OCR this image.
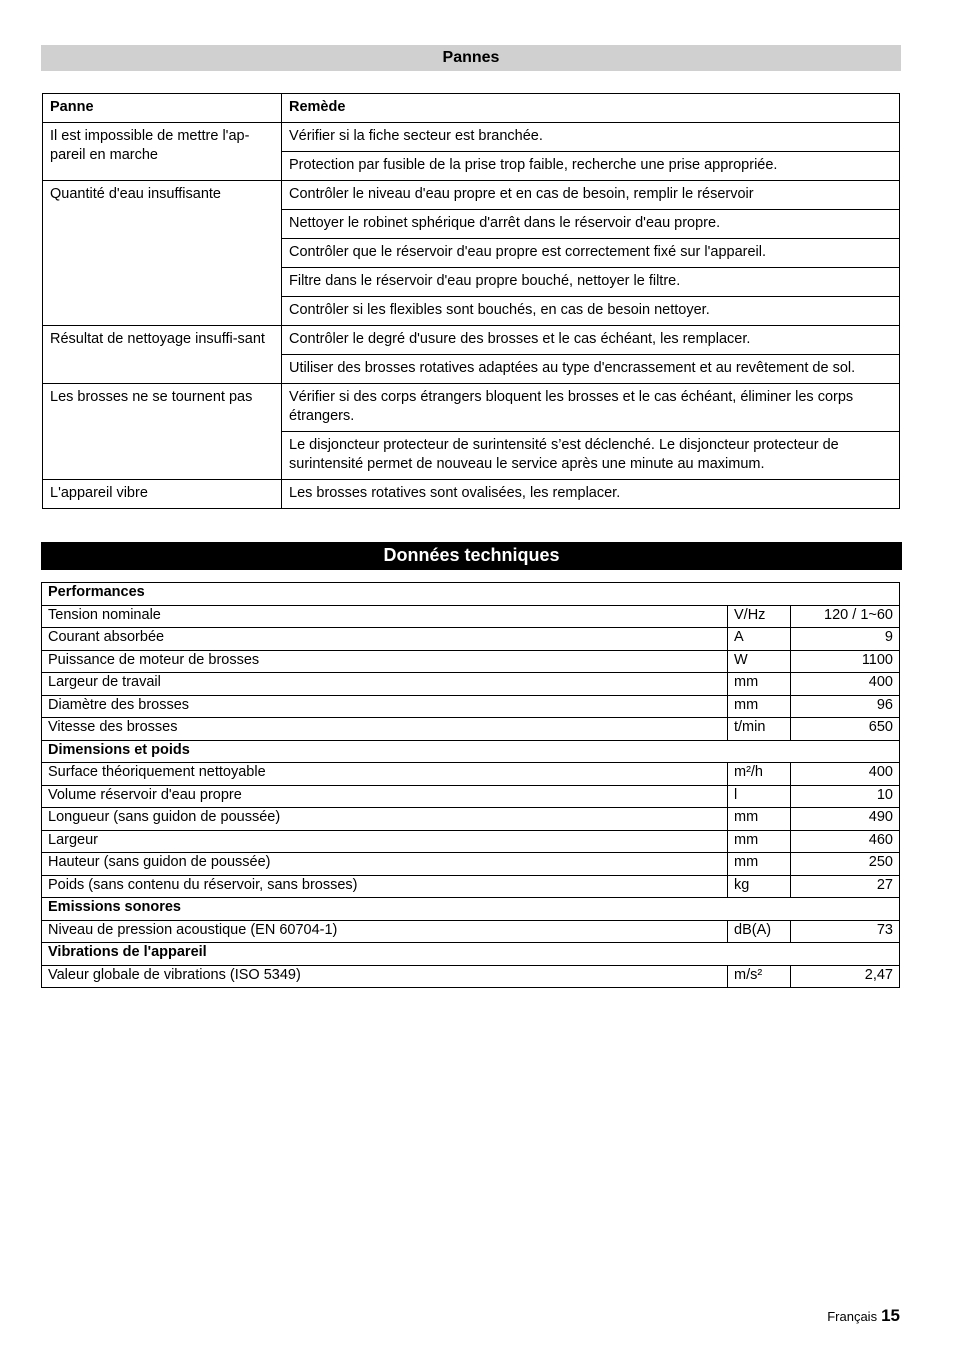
Pannes
Panne	Remède
Il est impossible de mettre l'ap-pareil en marche	Vérifier si la fiche secteur est branchée.
	Protection par fusible de la prise trop faible, recherche une prise appropriée.
Quantité d'eau insuffisante	Contrôler le niveau d'eau propre et en cas de besoin, remplir le réservoir
	Nettoyer le robinet sphérique d'arrêt dans le réservoir d'eau propre.
	Contrôler que le réservoir d'eau propre est correctement fixé sur l'appareil.
	Filtre dans le réservoir d'eau propre bouché, nettoyer le filtre.
	Contrôler si les flexibles sont bouchés, en cas de besoin nettoyer.
Résultat de nettoyage insuffi-sant	Contrôler le degré d'usure des brosses et le cas échéant, les remplacer.
	Utiliser des brosses rotatives adaptées au type d'encrassement et au revêtement de sol.
Les brosses ne se tournent pas	Vérifier si des corps étrangers bloquent les brosses et le cas échéant, éliminer les corps étrangers.
	Le disjoncteur protecteur de surintensité s’est déclenché. Le disjoncteur protecteur de surintensité permet de nouveau le service après une minute au maximum.
L'appareil vibre	Les brosses rotatives sont ovalisées, les remplacer.
Données techniques
Performances		
Tension nominale	V/Hz	120 / 1~60
Courant absorbée	A	9
Puissance de moteur de brosses	W	1100
Largeur de travail	mm	400
Diamètre des brosses	mm	96
Vitesse des brosses	t/min	650
Dimensions et poids		
Surface théoriquement nettoyable	m²/h	400
Volume réservoir d'eau propre	l	10
Longueur (sans guidon de poussée)	mm	490
Largeur	mm	460
Hauteur (sans guidon de poussée)	mm	250
Poids (sans contenu du réservoir, sans brosses)	kg	27
Emissions sonores		
Niveau de pression acoustique (EN 60704-1)	dB(A)	73
Vibrations de l'appareil		
Valeur globale de vibrations (ISO 5349)	m/s²	2,47
Français 15
